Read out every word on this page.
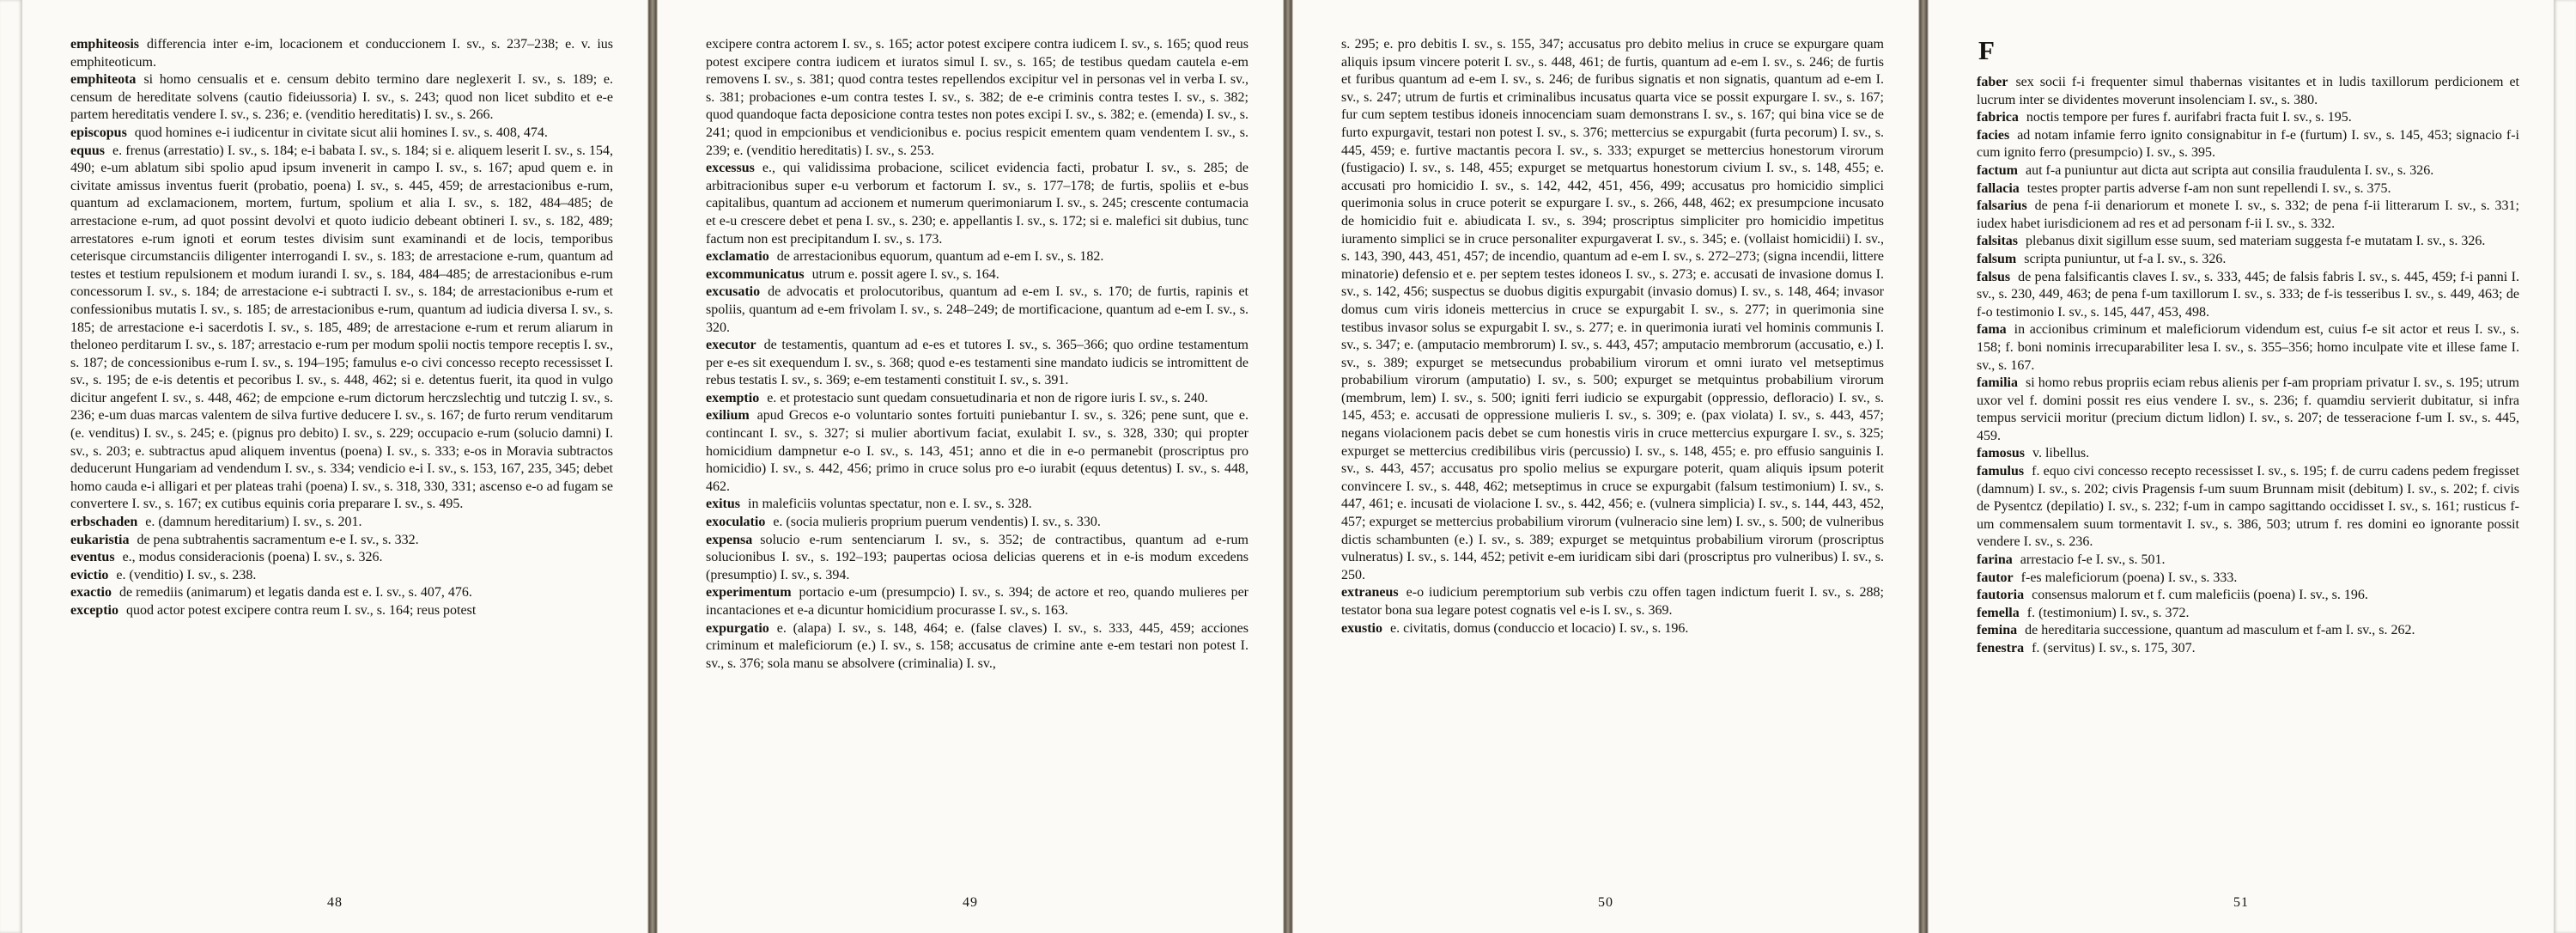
emphiteosis differencia inter e-im, locacionem et conduccionem I. sv., s. 237–238; e. v. ius emphiteoticum.

emphiteota si homo censualis et e. censum debito termino dare neglexerit I. sv., s. 189; e. censum de hereditate solvens (cautio fideiussoria) I. sv., s. 243; quod non licet subdito et e-e partem hereditatis vendere I. sv., s. 236; e. (venditio hereditatis) I. sv., s. 266.

episcopus quod homines e-i iudicentur in civitate sicut alii homines I. sv., s. 408, 474.

equus e. frenus (arrestatio) I. sv., s. 184; e-i babata I. sv., s. 184; si e. aliquem leserit I. sv., s. 154, 490; e-um ablatum sibi spolio apud ipsum invenerit in campo I. sv., s. 167; apud quem e. in civitate amissus inventus fuerit (probatio, poena) I. sv., s. 445, 459; de arrestacionibus e-rum, quantum ad exclamacionem, mortem, furtum, spolium et alia I. sv., s. 182, 484–485; de arrestacione e-rum, ad quot possint devolvi et quoto iudicio debeant obtineri I. sv., s. 182, 489; arrestatores e-rum ignoti et eorum testes divisim sunt examinandi et de locis, temporibus ceterisque circumstanciis diligenter interrogandi I. sv., s. 183; de arrestacione e-rum, quantum ad testes et testium repulsionem et modum iurandi I. sv., s. 184, 484–485; de arrestacionibus e-rum concessorum I. sv., s. 184; de arrestacione e-i subtracti I. sv., s. 184; de arrestacionibus e-rum et confessionibus mutatis I. sv., s. 185; de arrestacionibus e-rum, quantum ad iudicia diversa I. sv., s. 185; de arrestacione e-i sacerdotis I. sv., s. 185, 489; de arrestacione e-rum et rerum aliarum in theloneo perditarum I. sv., s. 187; arrestacio e-rum per modum spolii noctis tempore receptis I. sv., s. 187; de concessionibus e-rum I. sv., s. 194–195; famulus e-o civi concesso recepto recessisset I. sv., s. 195; de e-is detentis et pecoribus I. sv., s. 448, 462; si e. detentus fuerit, ita quod in vulgo dicitur angefent I. sv., s. 448, 462; de empcione e-rum dictorum herczslechtig und tutczig I. sv., s. 236; e-um duas marcas valentem de silva furtive deducere I. sv., s. 167; de furto rerum venditarum (e. venditus) I. sv., s. 245; e. (pignus pro debito) I. sv., s. 229; occupacio e-rum (solucio damni) I. sv., s. 203; e. subtractus apud aliquem inventus (poena) I. sv., s. 333; e-os in Moravia subtractos deducerunt Hungariam ad vendendum I. sv., s. 334; vendicio e-i I. sv., s. 153, 167, 235, 345; debet homo cauda e-i alligari et per plateas trahi (poena) I. sv., s. 318, 330, 331; ascenso e-o ad fugam se convertere I. sv., s. 167; ex cutibus equinis coria preparare I. sv., s. 495.

erbschaden e. (damnum hereditarium) I. sv., s. 201.

eukaristia de pena subtrahentis sacramentum e-e I. sv., s. 332.

eventus e., modus consideracionis (poena) I. sv., s. 326.

evictio e. (venditio) I. sv., s. 238.

exactio de remediis (animarum) et legatis danda est e. I. sv., s. 407, 476.

exceptio quod actor potest excipere contra reum I. sv., s. 164; reus potest

48

excipere contra actorem I. sv., s. 165; actor potest excipere contra iudicem I. sv., s. 165; quod reus potest excipere contra iudicem et iuratos simul I. sv., s. 165; de testibus quedam cautela e-em removens I. sv., s. 381; quod contra testes repellendos excipitur vel in personas vel in verba I. sv., s. 381; probaciones e-um contra testes I. sv., s. 382; de e-e criminis contra testes I. sv., s. 382; quod quandoque facta deposicione contra testes non potes excipi I. sv., s. 382; e. (emenda) I. sv., s. 241; quod in empcionibus et vendicionibus e. pocius respicit ementem quam vendentem I. sv., s. 239; e. (venditio hereditatis) I. sv., s. 253.

excessus e., qui validissima probacione, scilicet evidencia facti, probatur I. sv., s. 285; de arbitracionibus super e-u verborum et factorum I. sv., s. 177–178; de furtis, spoliis et e-bus capitalibus, quantum ad accionem et numerum querimoniarum I. sv., s. 245; crescente contumacia et e-u crescere debet et pena I. sv., s. 230; e. appellantis I. sv., s. 172; si e. malefici sit dubius, tunc factum non est precipitandum I. sv., s. 173.

exclamatio de arrestacionibus equorum, quantum ad e-em I. sv., s. 182.

excommunicatus utrum e. possit agere I. sv., s. 164.

excusatio de advocatis et prolocutoribus, quantum ad e-em I. sv., s. 170; de furtis, rapinis et spoliis, quantum ad e-em frivolam I. sv., s. 248–249; de mortificacione, quantum ad e-em I. sv., s. 320.

executor de testamentis, quantum ad e-es et tutores I. sv., s. 365–366; quo ordine testamentum per e-es sit exequendum I. sv., s. 368; quod e-es testamenti sine mandato iudicis se intromittent de rebus testatis I. sv., s. 369; e-em testamenti constituit I. sv., s. 391.

exemptio e. et protestacio sunt quedam consuetudinaria et non de rigore iuris I. sv., s. 240.

exilium apud Grecos e-o voluntario sontes fortuiti puniebantur I. sv., s. 326; pene sunt, que e. contincant I. sv., s. 327; si mulier abortivum faciat, exulabit I. sv., s. 328, 330; qui propter homicidium dampnetur e-o I. sv., s. 143, 451; anno et die in e-o permanebit (proscriptus pro homicidio) I. sv., s. 442, 456; primo in cruce solus pro e-o iurabit (equus detentus) I. sv., s. 448, 462.

exitus in maleficiis voluntas spectatur, non e. I. sv., s. 328.

exoculatio e. (socia mulieris proprium puerum vendentis) I. sv., s. 330.

expensa solucio e-rum sentenciarum I. sv., s. 352; de contractibus, quantum ad e-rum solucionibus I. sv., s. 192–193; paupertas ociosa delicias querens et in e-is modum excedens (presumptio) I. sv., s. 394.

experimentum portacio e-um (presumpcio) I. sv., s. 394; de actore et reo, quando mulieres per incantaciones et e-a dicuntur homicidium procurasse I. sv., s. 163.

expurgatio e. (alapa) I. sv., s. 148, 464; e. (false claves) I. sv., s. 333, 445, 459; acciones criminum et maleficiorum (e.) I. sv., s. 158; accusatus de crimine ante e-em testari non potest I. sv., s. 376; sola manu se absolvere (criminalia) I. sv.,

49

s. 295; e. pro debitis I. sv., s. 155, 347; accusatus pro debito melius in cruce se expurgare quam aliquis ipsum vincere poterit I. sv., s. 448, 461; de furtis, quantum ad e-em I. sv., s. 246; de furtis et furibus quantum ad e-em I. sv., s. 246; de furibus signatis et non signatis, quantum ad e-em I. sv., s. 247; utrum de furtis et criminalibus incusatus quarta vice se possit expurgare I. sv., s. 167; fur cum septem testibus idoneis innocenciam suam demonstrans I. sv., s. 167; qui bina vice se de furto expurgavit, testari non potest I. sv., s. 376; mettercius se expurgabit (furta pecorum) I. sv., s. 445, 459; e. furtive mactantis pecora I. sv., s. 333; expurget se mettercius honestorum virorum (fustigacio) I. sv., s. 148, 455; expurget se metquartus honestorum civium I. sv., s. 148, 455; e. accusati pro homicidio I. sv., s. 142, 442, 451, 456, 499; accusatus pro homicidio simplici querimonia solus in cruce poterit se expurgare I. sv., s. 266, 448, 462; ex presumpcione incusato de homicidio fuit e. abiudicata I. sv., s. 394; proscriptus simpliciter pro homicidio impetitus iuramento simplici se in cruce personaliter expurgaverat I. sv., s. 345; e. (vollaist homicidii) I. sv., s. 143, 390, 443, 451, 457; de incendio, quantum ad e-em I. sv., s. 272–273; (signa incendii, littere minatorie) defensio et e. per septem testes idoneos I. sv., s. 273; e. accusati de invasione domus I. sv., s. 142, 456; suspectus se duobus digitis expurgabit (invasio domus) I. sv., s. 148, 464; invasor domus cum viris idoneis mettercius in cruce se expurgabit I. sv., s. 277; in querimonia sine testibus invasor solus se expurgabit I. sv., s. 277; e. in querimonia iurati vel hominis communis I. sv., s. 347; e. (amputacio membrorum) I. sv., s. 443, 457; amputacio membrorum (accusatio, e.) I. sv., s. 389; expurget se metsecundus probabilium virorum et omni iurato vel metseptimus probabilium virorum (amputatio) I. sv., s. 500; expurget se metquintus probabilium virorum (membrum, lem) I. sv., s. 500; igniti ferri iudicio se expurgabit (oppressio, defloracio) I. sv., s. 145, 453; e. accusati de oppressione mulieris I. sv., s. 309; e. (pax violata) I. sv., s. 443, 457; negans violacionem pacis debet se cum honestis viris in cruce mettercius expurgare I. sv., s. 325; expurget se mettercius credibilibus viris (percussio) I. sv., s. 148, 455; e. pro effusio sanguinis I. sv., s. 443, 457; accusatus pro spolio melius se expurgare poterit, quam aliquis ipsum poterit convincere I. sv., s. 448, 462; metseptimus in cruce se expurgabit (falsum testimonium) I. sv., s. 447, 461; e. incusati de violacione I. sv., s. 442, 456; e. (vulnera simplicia) I. sv., s. 144, 443, 452, 457; expurget se mettercius probabilium virorum (vulneracio sine lem) I. sv., s. 500; de vulneribus dictis schambunten (e.) I. sv., s. 389; expurget se metquintus probabilium virorum (proscriptus vulneratus) I. sv., s. 144, 452; petivit e-em iuridicam sibi dari (proscriptus pro vulneribus) I. sv., s. 250.

extraneus e-o iudicium peremptorium sub verbis czu offen tagen indictum fuerit I. sv., s. 288; testator bona sua legare potest cognatis vel e-is I. sv., s. 369.

exustio e. civitatis, domus (conduccio et locacio) I. sv., s. 196.

50
F

faber sex socii f-i frequenter simul thabernas visitantes et in ludis taxillorum perdicionem et lucrum inter se dividentes moverunt insolenciam I. sv., s. 380.

fabrica noctis tempore per fures f. aurifabri fracta fuit I. sv., s. 195.

facies ad notam infamie ferro ignito consignabitur in f-e (furtum) I. sv., s. 145, 453; signacio f-i cum ignito ferro (presumpcio) I. sv., s. 395.

factum aut f-a puniuntur aut dicta aut scripta aut consilia fraudulenta I. sv., s. 326.

fallacia testes propter partis adverse f-am non sunt repellendi I. sv., s. 375.

falsarius de pena f-ii denariorum et monete I. sv., s. 332; de pena f-ii litterarum I. sv., s. 331; iudex habet iurisdicionem ad res et ad personam f-ii I. sv., s. 332.

falsitas plebanus dixit sigillum esse suum, sed materiam suggesta f-e mutatam I. sv., s. 326.

falsum scripta puniuntur, ut f-a I. sv., s. 326.

falsus de pena falsificantis claves I. sv., s. 333, 445; de falsis fabris I. sv., s. 445, 459; f-i panni I. sv., s. 230, 449, 463; de pena f-um taxillorum I. sv., s. 333; de f-is tesseribus I. sv., s. 449, 463; de f-o testimonio I. sv., s. 145, 447, 453, 498.

fama in accionibus criminum et maleficiorum videndum est, cuius f-e sit actor et reus I. sv., s. 158; f. boni nominis irrecuparabiliter lesa I. sv., s. 355–356; homo inculpate vite et illese fame I. sv., s. 167.

familia si homo rebus propriis eciam rebus alienis per f-am propriam privatur I. sv., s. 195; utrum uxor vel f. domini possit res eius vendere I. sv., s. 236; f. quamdiu servierit dubitatur, si infra tempus servicii moritur (precium dictum lidlon) I. sv., s. 207; de tesseracione f-um I. sv., s. 445, 459.

famosus v. libellus.

famulus f. equo civi concesso recepto recessisset I. sv., s. 195; f. de curru cadens pedem fregisset (damnum) I. sv., s. 202; civis Pragensis f-um suum Brunnam misit (debitum) I. sv., s. 202; f. civis de Pysentcz (depilatio) I. sv., s. 232; f-um in campo sagittando occidisset I. sv., s. 161; rusticus f-um commensalem suum tormentavit I. sv., s. 386, 503; utrum f. res domini eo ignorante possit vendere I. sv., s. 236.

farina arrestacio f-e I. sv., s. 501.

fautor f-es maleficiorum (poena) I. sv., s. 333.

fautoria consensus malorum et f. cum maleficiis (poena) I. sv., s. 196.

femella f. (testimonium) I. sv., s. 372.

femina de hereditaria successione, quantum ad masculum et f-am I. sv., s. 262.

fenestra f. (servitus) I. sv., s. 175, 307.

51
